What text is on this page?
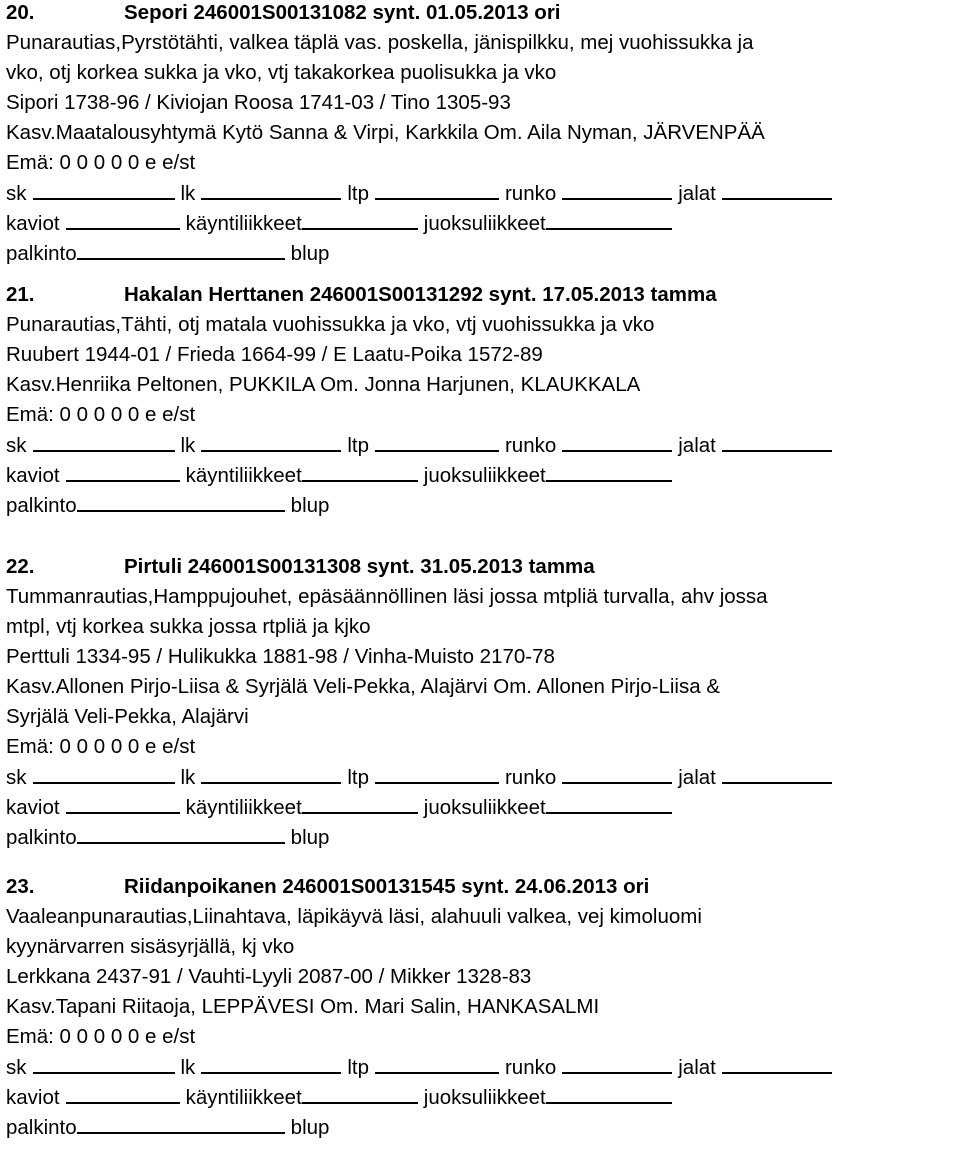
20.	Sepori 246001S00131082 synt. 01.05.2013 ori
Punarautias,Pyrstötähti, valkea täplä vas. poskella, jänispilkku, mej vuohissukka ja
vko, otj korkea sukka ja vko, vtj takakorkea puolisukka ja vko
Sipori 1738-96 / Kiviojan Roosa 1741-03 / Tino 1305-93
Kasv.Maatalousyhtymä Kytö Sanna & Virpi, Karkkila Om. Aila Nyman, JÄRVENPÄÄ
Emä: 0 0 0 0 0 e e/st
sk	lk	ltp	runko	jalat
kaviot	käyntiliikkeet	juoksuliikkeet
palkinto	blup
21.	Hakalan Herttanen 246001S00131292 synt. 17.05.2013 tamma
Punarautias,Tähti, otj matala vuohissukka ja vko, vtj vuohissukka ja vko
Ruubert 1944-01 / Frieda 1664-99 / E Laatu-Poika 1572-89
Kasv.Henriika Peltonen, PUKKILA Om. Jonna Harjunen, KLAUKKALA
Emä: 0 0 0 0 0 e e/st
sk	lk	ltp	runko	jalat
kaviot	käyntiliikkeet	juoksuliikkeet
palkinto	blup
22.	Pirtuli 246001S00131308 synt. 31.05.2013 tamma
Tummanrautias,Hamppujouhet, epäsäännöllinen läsi jossa mtpliä turvalla, ahv jossa
mtpl, vtj korkea sukka jossa rtpliä ja kjko
Perttuli 1334-95 / Hulikukka 1881-98 / Vinha-Muisto 2170-78
Kasv.Allonen Pirjo-Liisa & Syrjälä Veli-Pekka, Alajärvi Om. Allonen Pirjo-Liisa &
Syrjälä Veli-Pekka, Alajärvi
Emä: 0 0 0 0 0 e e/st
sk	lk	ltp	runko	jalat
kaviot	käyntiliikkeet	juoksuliikkeet
palkinto	blup
23.	Riidanpoikanen 246001S00131545 synt. 24.06.2013 ori
Vaaleanpunarautias,Liinahtava, läpikäyvä läsi, alahuuli valkea, vej kimoluomi
kyynärvarren sisäsyrjällä, kj vko
Lerkkana 2437-91 / Vauhti-Lyyli 2087-00 / Mikker 1328-83
Kasv.Tapani Riitaoja, LEPPÄVESI Om. Mari Salin, HANKASALMI
Emä: 0 0 0 0 0 e e/st
sk	lk	ltp	runko	jalat
kaviot	käyntiliikkeet	juoksuliikkeet
palkinto	blup
